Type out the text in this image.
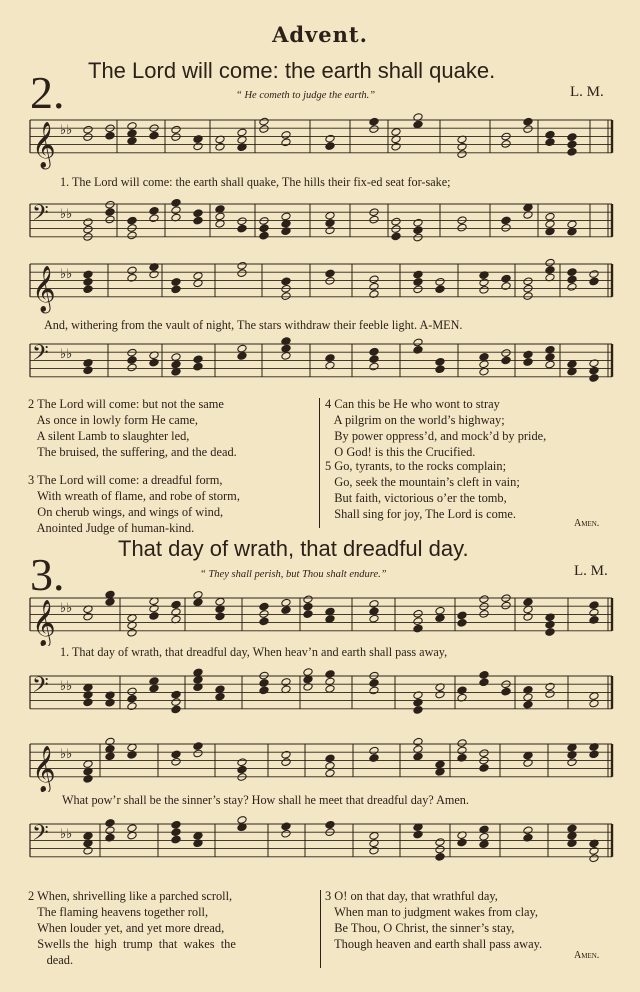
Advent.
2. The Lord will come: the earth shall quake.
“ He cometh to judge the earth.”	L. M.
𝄞 ♭♭
1. The Lord will come: the earth shall quake, The hills their fix-ed seat for-sake;
𝄢 ♭♭
𝄞 ♭♭
And, withering from the vault of night, The stars withdraw their feeble light. A-MEN.
𝄢 ♭♭
2 The Lord will come: but not the same
As once in lowly form He came,
A silent Lamb to slaughter led,
The bruised, the suffering, and the dead.
3 The Lord will come: a dreadful form,
With wreath of flame, and robe of storm,
On cherub wings, and wings of wind,
Anointed Judge of human-kind.
4 Can this be He who wont to stray
A pilgrim on the world’s highway;
By power oppress’d, and mock’d by pride,
O God! is this the Crucified.
5 Go, tyrants, to the rocks complain;
Go, seek the mountain’s cleft in vain;
But faith, victorious o’er the tomb,
Shall sing for joy, The Lord is come.
Amen.
3.
That day of wrath, that dreadful day.
“ They shall perish, but Thou shalt endure.”	L. M.
𝄞 ♭♭
1. That day of wrath, that dreadful day, When heav’n and earth shall pass away,
𝄢 ♭♭
𝄞 ♭♭
What pow’r shall be the sinner’s stay? How shall he meet that dreadful day? Amen.
𝄢 ♭♭
2 When, shrivelling like a parched scroll,
The flaming heavens together roll,
When louder yet, and yet more dread,
Swells the  high  trump  that  wakes  the
dead.
3 O! on that day, that wrathful day,
When man to judgment wakes from clay,
Be Thou, O Christ, the sinner’s stay,
Though heaven and earth shall pass away.
Amen.
